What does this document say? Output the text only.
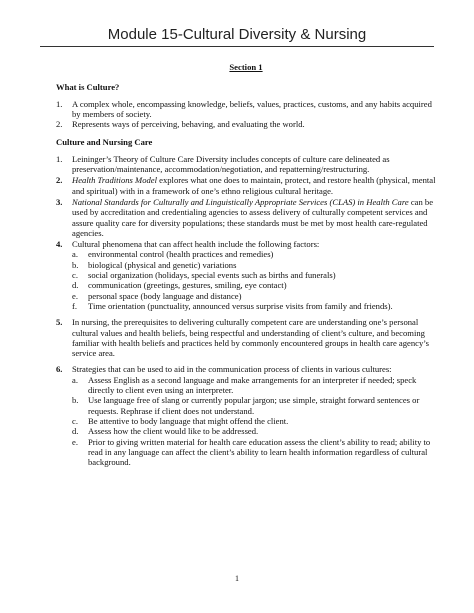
Module 15-Cultural Diversity & Nursing
Section 1
What is Culture?
1. A complex whole, encompassing knowledge, beliefs, values, practices, customs, and any habits acquired by members of society.
2. Represents ways of perceiving, behaving, and evaluating the world.
Culture and Nursing Care
1. Leininger’s Theory of Culture Care Diversity includes concepts of culture care delineated as preservation/maintenance, accommodation/negotiation, and repatterning/restructuring.
2. Health Traditions Model explores what one does to maintain, protect, and restore health (physical, mental and spiritual) with in a framework of one’s ethno religious cultural heritage.
3. National Standards for Culturally and Linguistically Appropriate Services (CLAS) in Health Care can be used by accreditation and credentialing agencies to assess delivery of culturally competent services and assure quality care for diversity populations; these standards must be met by most health care-regulated agencies.
4. Cultural phenomena that can affect health include the following factors:
a. environmental control (health practices and remedies)
b. biological (physical and genetic) variations
c. social organization (holidays, special events such as births and funerals)
d. communication (greetings, gestures, smiling, eye contact)
e. personal space (body language and distance)
f. Time orientation (punctuality, announced versus surprise visits from family and friends).
5. In nursing, the prerequisites to delivering culturally competent care are understanding one’s personal cultural values and health beliefs, being respectful and understanding of client’s culture, and becoming familiar with health beliefs and practices held by commonly encountered groups in health care agency’s service area.
6. Strategies that can be used to aid in the communication process of clients in various cultures:
a. Assess English as a second language and make arrangements for an interpreter if needed; speck directly to client even using an interpreter.
b. Use language free of slang or currently popular jargon; use simple, straight forward sentences or requests. Rephrase if client does not understand.
c. Be attentive to body language that might offend the client.
d. Assess how the client would like to be addressed.
e. Prior to giving written material for health care education assess the client’s ability to read; ability to read in any language can affect the client’s ability to learn health information regardless of cultural background.
1
